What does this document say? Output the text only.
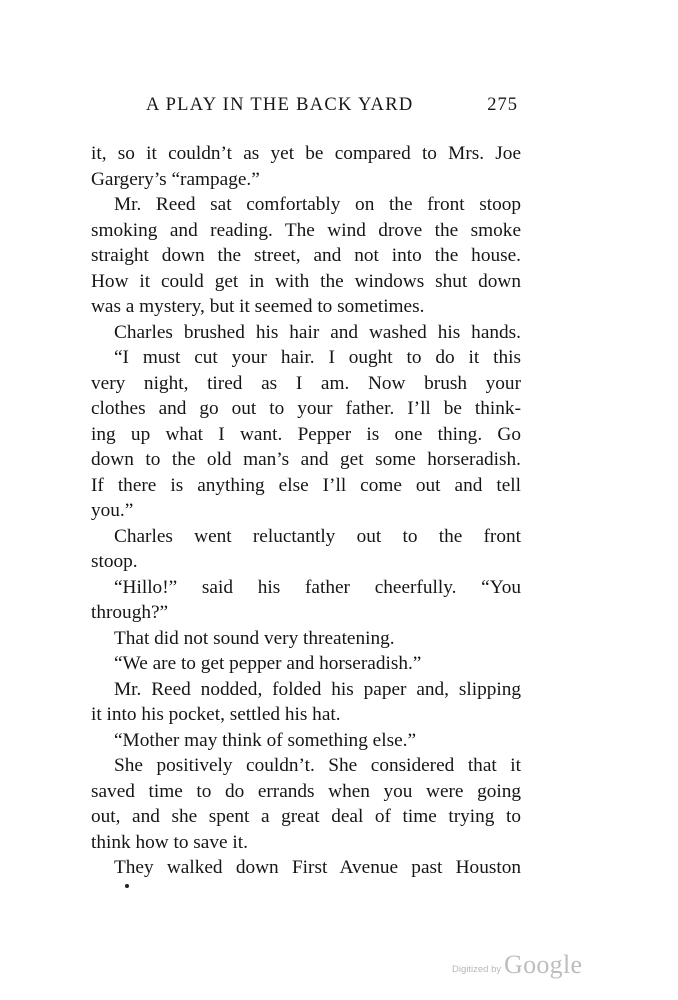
A PLAY IN THE BACK YARD	275
it, so it couldn’t as yet be compared to Mrs. Joe
Gargery’s “rampage.”
Mr. Reed sat comfortably on the front stoop
smoking and reading. The wind drove the smoke
straight down the street, and not into the house.
How it could get in with the windows shut down
was a mystery, but it seemed to sometimes.
Charles brushed his hair and washed his hands.
“I must cut your hair. I ought to do it this
very night, tired as I am. Now brush your
clothes and go out to your father. I’ll be think-
ing up what I want. Pepper is one thing. Go
down to the old man’s and get some horseradish.
If there is anything else I’ll come out and tell
you.”
Charles went reluctantly out to the front
stoop.
“Hillo!” said his father cheerfully. “You
through?”
That did not sound very threatening.
“We are to get pepper and horseradish.”
Mr. Reed nodded, folded his paper and, slipping
it into his pocket, settled his hat.
“Mother may think of something else.”
She positively couldn’t. She considered that it
saved time to do errands when you were going
out, and she spent a great deal of time trying to
think how to save it.
They walked down First Avenue past Houston
Digitized by Google
